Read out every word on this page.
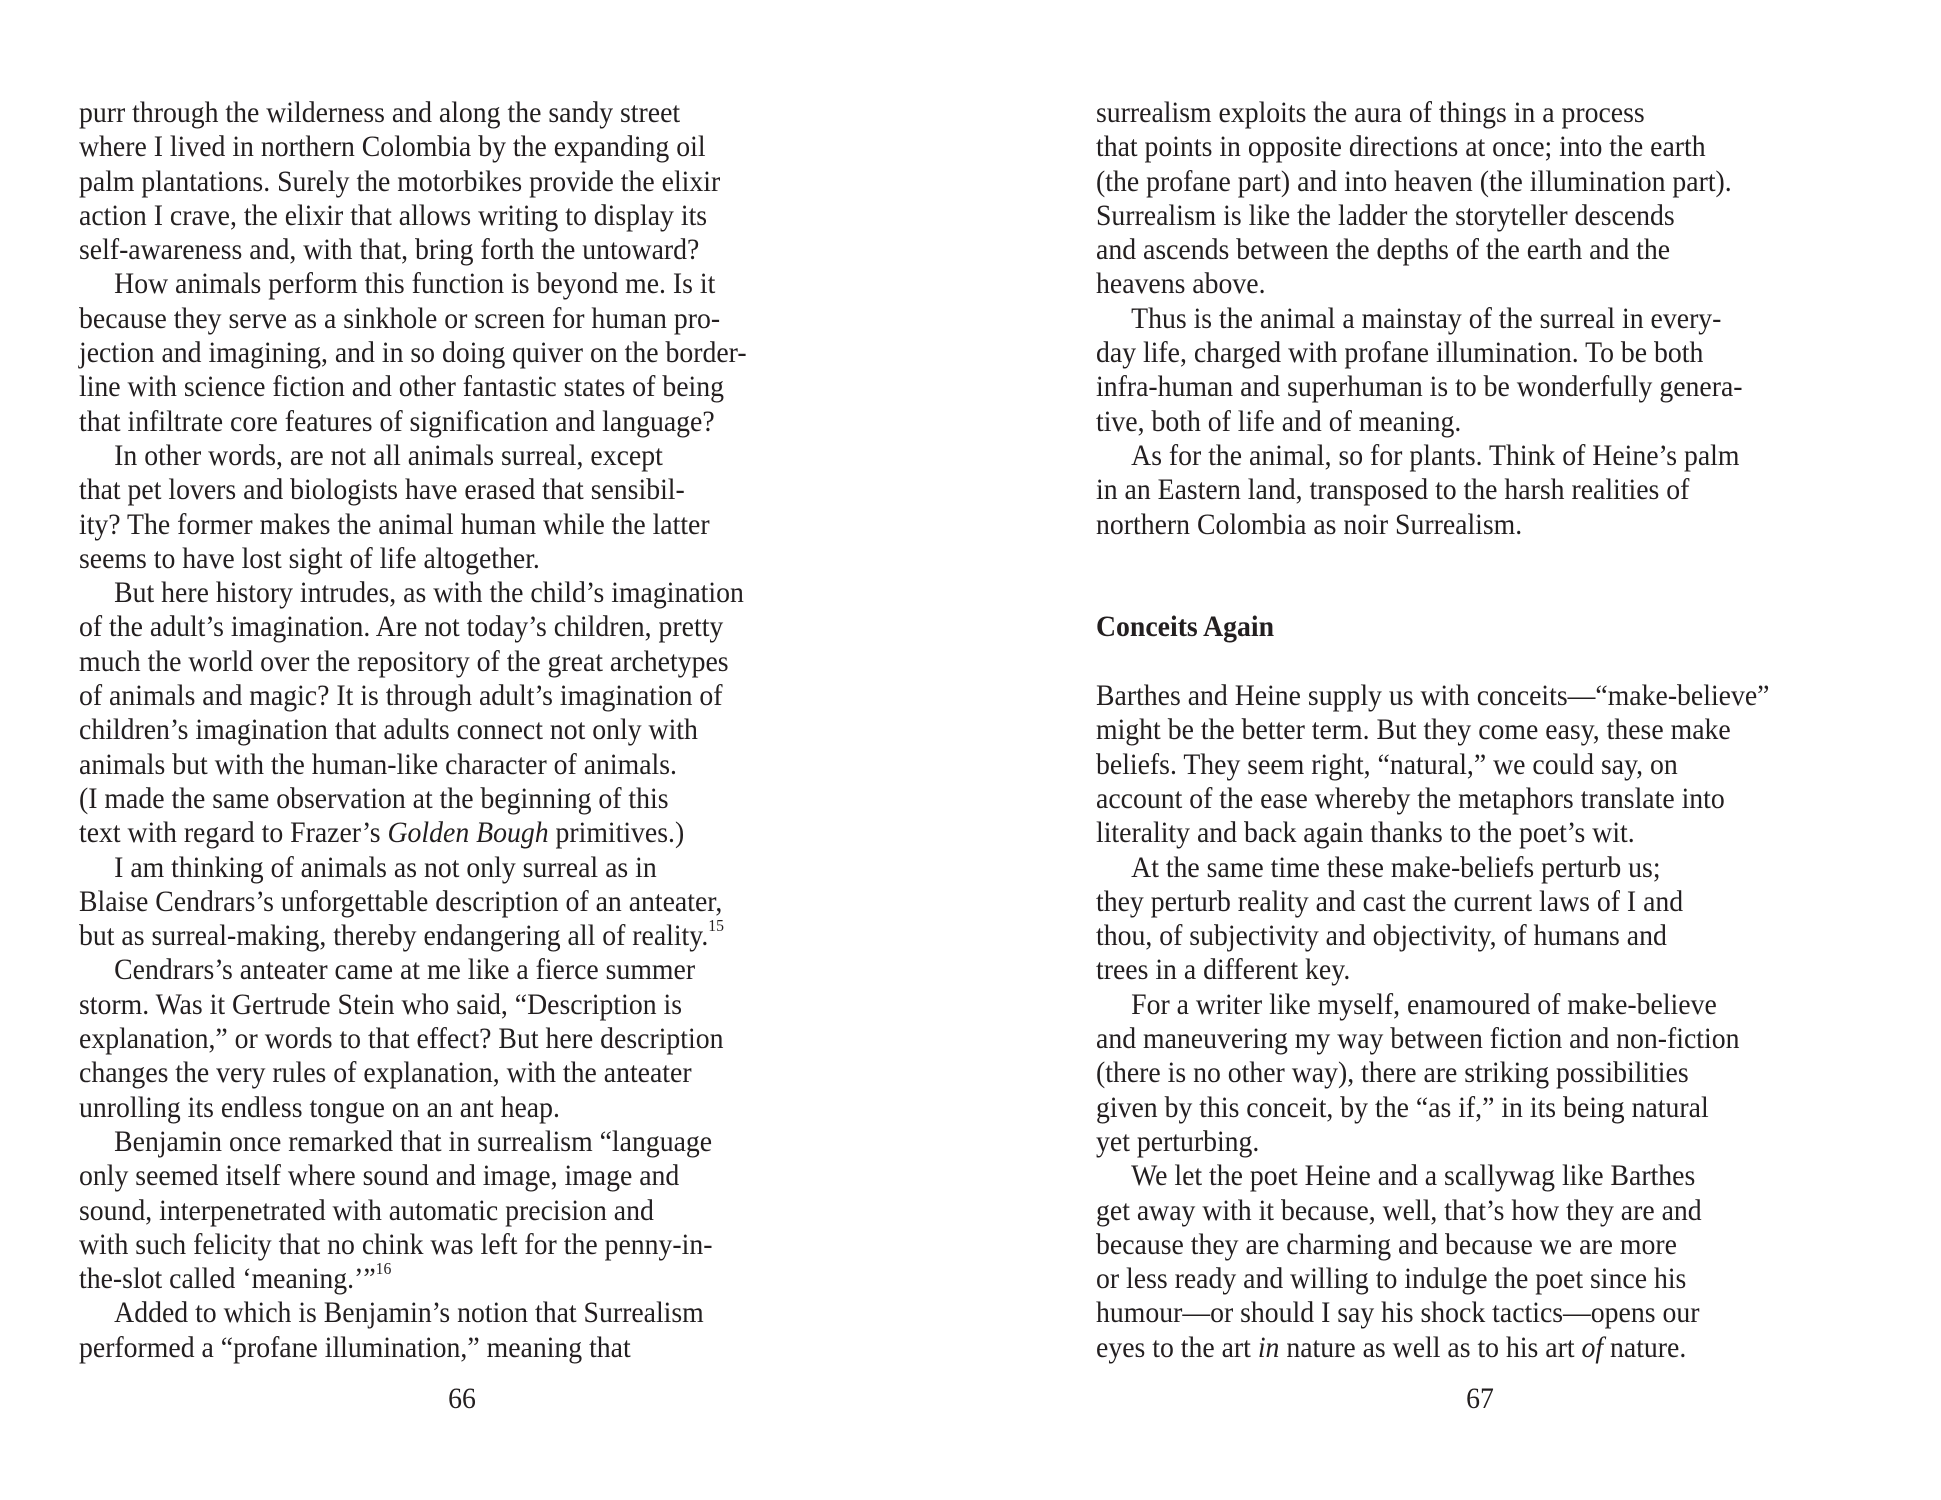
purr through the wilderness and along the sandy street
where I lived in northern Colombia by the expanding oil
palm plantations. Surely the motorbikes provide the elixir
action I crave, the elixir that allows writing to display its
self-awareness and, with that, bring forth the untoward?
How animals perform this function is beyond me. Is it
because they serve as a sinkhole or screen for human pro-
jection and imagining, and in so doing quiver on the border-
line with science fiction and other fantastic states of being
that infiltrate core features of signification and language?
In other words, are not all animals surreal, except
that pet lovers and biologists have erased that sensibil-
ity? The former makes the animal human while the latter
seems to have lost sight of life altogether.
But here history intrudes, as with the child’s imagination
of the adult’s imagination. Are not today’s children, pretty
much the world over the repository of the great archetypes
of animals and magic? It is through adult’s imagination of
children’s imagination that adults connect not only with
animals but with the human-like character of animals.
(I made the same observation at the beginning of this
text with regard to Frazer’s Golden Bough primitives.)
I am thinking of animals as not only surreal as in
Blaise Cendrars’s unforgettable description of an anteater,
but as surreal-making, thereby endangering all of reality.$^{15}$
Cendrars’s anteater came at me like a fierce summer
storm. Was it Gertrude Stein who said, “Description is
explanation,” or words to that effect? But here description
changes the very rules of explanation, with the anteater
unrolling its endless tongue on an ant heap.
Benjamin once remarked that in surrealism “language
only seemed itself where sound and image, image and
sound, interpenetrated with automatic precision and
with such felicity that no chink was left for the penny-in-
the-slot called ‘meaning.’”$^{16}$
Added to which is Benjamin’s notion that Surrealism
performed a “profane illumination,” meaning that
66
surrealism exploits the aura of things in a process
that points in opposite directions at once; into the earth
(the profane part) and into heaven (the illumination part).
Surrealism is like the ladder the storyteller descends
and ascends between the depths of the earth and the
heavens above.
Thus is the animal a mainstay of the surreal in every-
day life, charged with profane illumination. To be both
infra-human and superhuman is to be wonderfully genera-
tive, both of life and of meaning.
As for the animal, so for plants. Think of Heine’s palm
in an Eastern land, transposed to the harsh realities of
northern Colombia as noir Surrealism.
Conceits Again
Barthes and Heine supply us with conceits—“make-believe”
might be the better term. But they come easy, these make
beliefs. They seem right, “natural,” we could say, on
account of the ease whereby the metaphors translate into
literality and back again thanks to the poet’s wit.
At the same time these make-beliefs perturb us;
they perturb reality and cast the current laws of I and
thou, of subjectivity and objectivity, of humans and
trees in a different key.
For a writer like myself, enamoured of make-believe
and maneuvering my way between fiction and non-fiction
(there is no other way), there are striking possibilities
given by this conceit, by the “as if,” in its being natural
yet perturbing.
We let the poet Heine and a scallywag like Barthes
get away with it because, well, that’s how they are and
because they are charming and because we are more
or less ready and willing to indulge the poet since his
humour—or should I say his shock tactics—opens our
eyes to the art in nature as well as to his art of nature.
67
